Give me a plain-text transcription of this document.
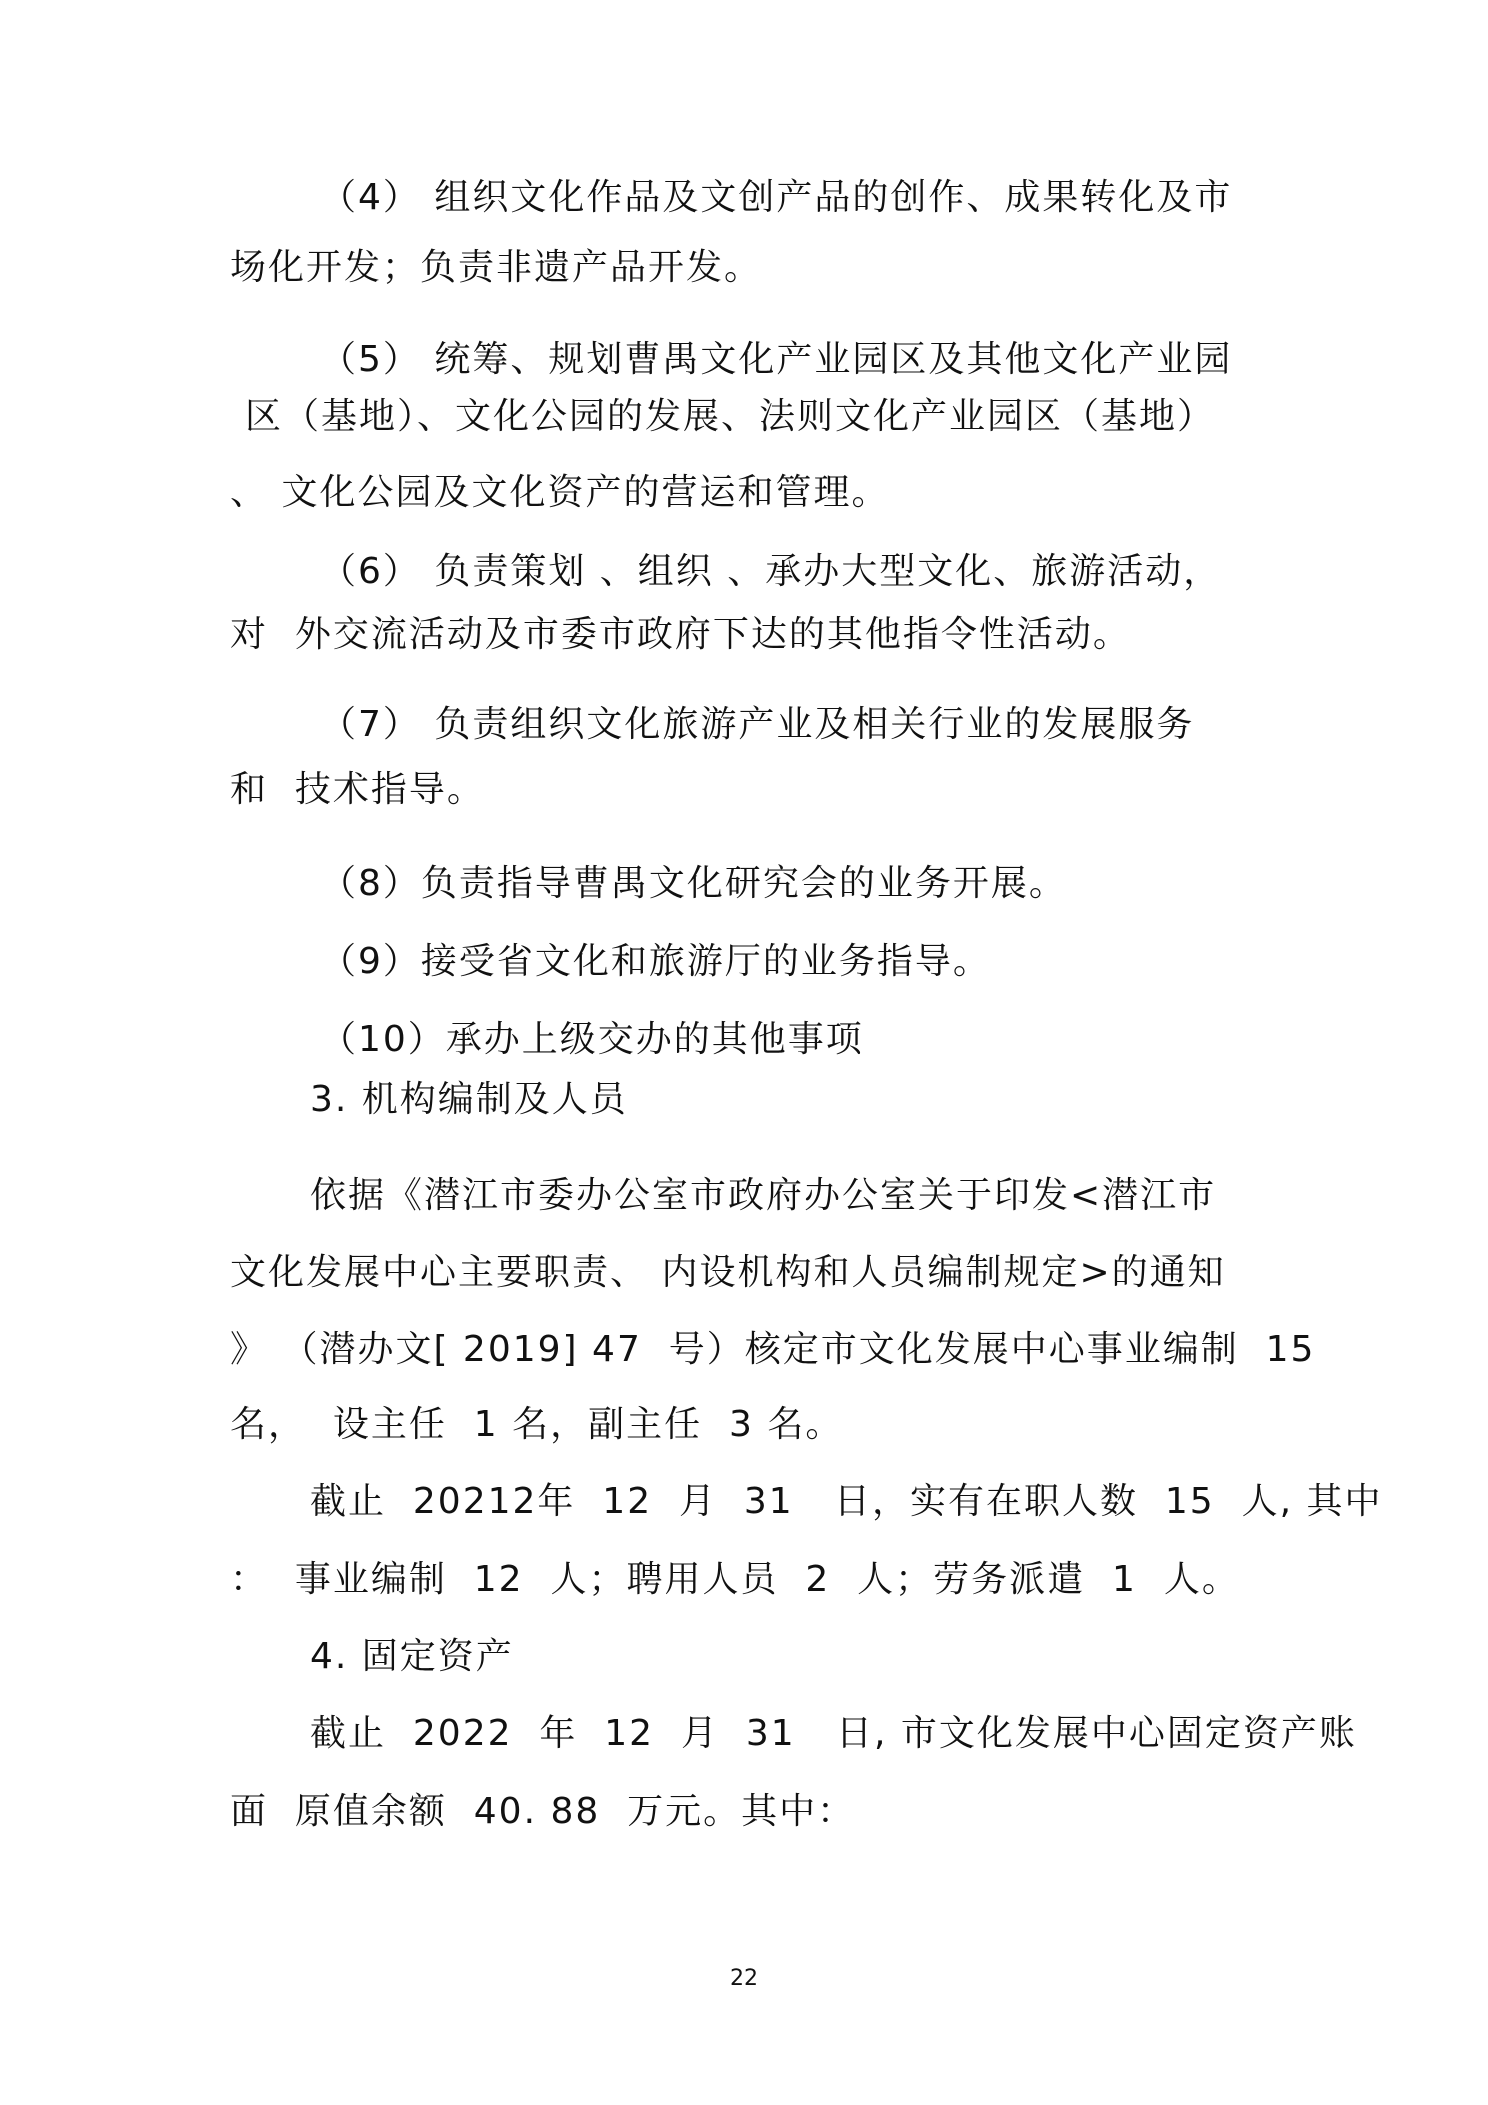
（4） 组织文化作品及文创产品的创作、成果转化及市
场化开发；负责非遗产品开发。
（5） 统筹、规划曹禺文化产业园区及其他文化产业园
区（基地）、文化公园的发展、法则文化产业园区（基地）
、 文化公园及文化资产的营运和管理。
（6） 负责策划 、组织 、承办大型文化、旅游活动，
对  外交流活动及市委市政府下达的其他指令性活动。
（7） 负责组织文化旅游产业及相关行业的发展服务
和  技术指导。
（8）负责指导曹禺文化研究会的业务开展。
（9）接受省文化和旅游厅的业务指导。
（10）承办上级交办的其他事项
3. 机构编制及人员
依据《潜江市委办公室市政府办公室关于印发<潜江市
文化发展中心主要职责、 内设机构和人员编制规定>的通知
》 （潜办文[ 2019] 47  号）核定市文化发展中心事业编制  15
名，  设主任  1 名，副主任  3 名。
截止  20212年  12  月  31   日，实有在职人数  15  人, 其中
：  事业编制  12  人；聘用人员  2  人；劳务派遣  1  人。
4. 固定资产
截止  2022  年  12  月  31   日, 市文化发展中心固定资产账
面  原值余额  40. 88  万元。其中：
22
